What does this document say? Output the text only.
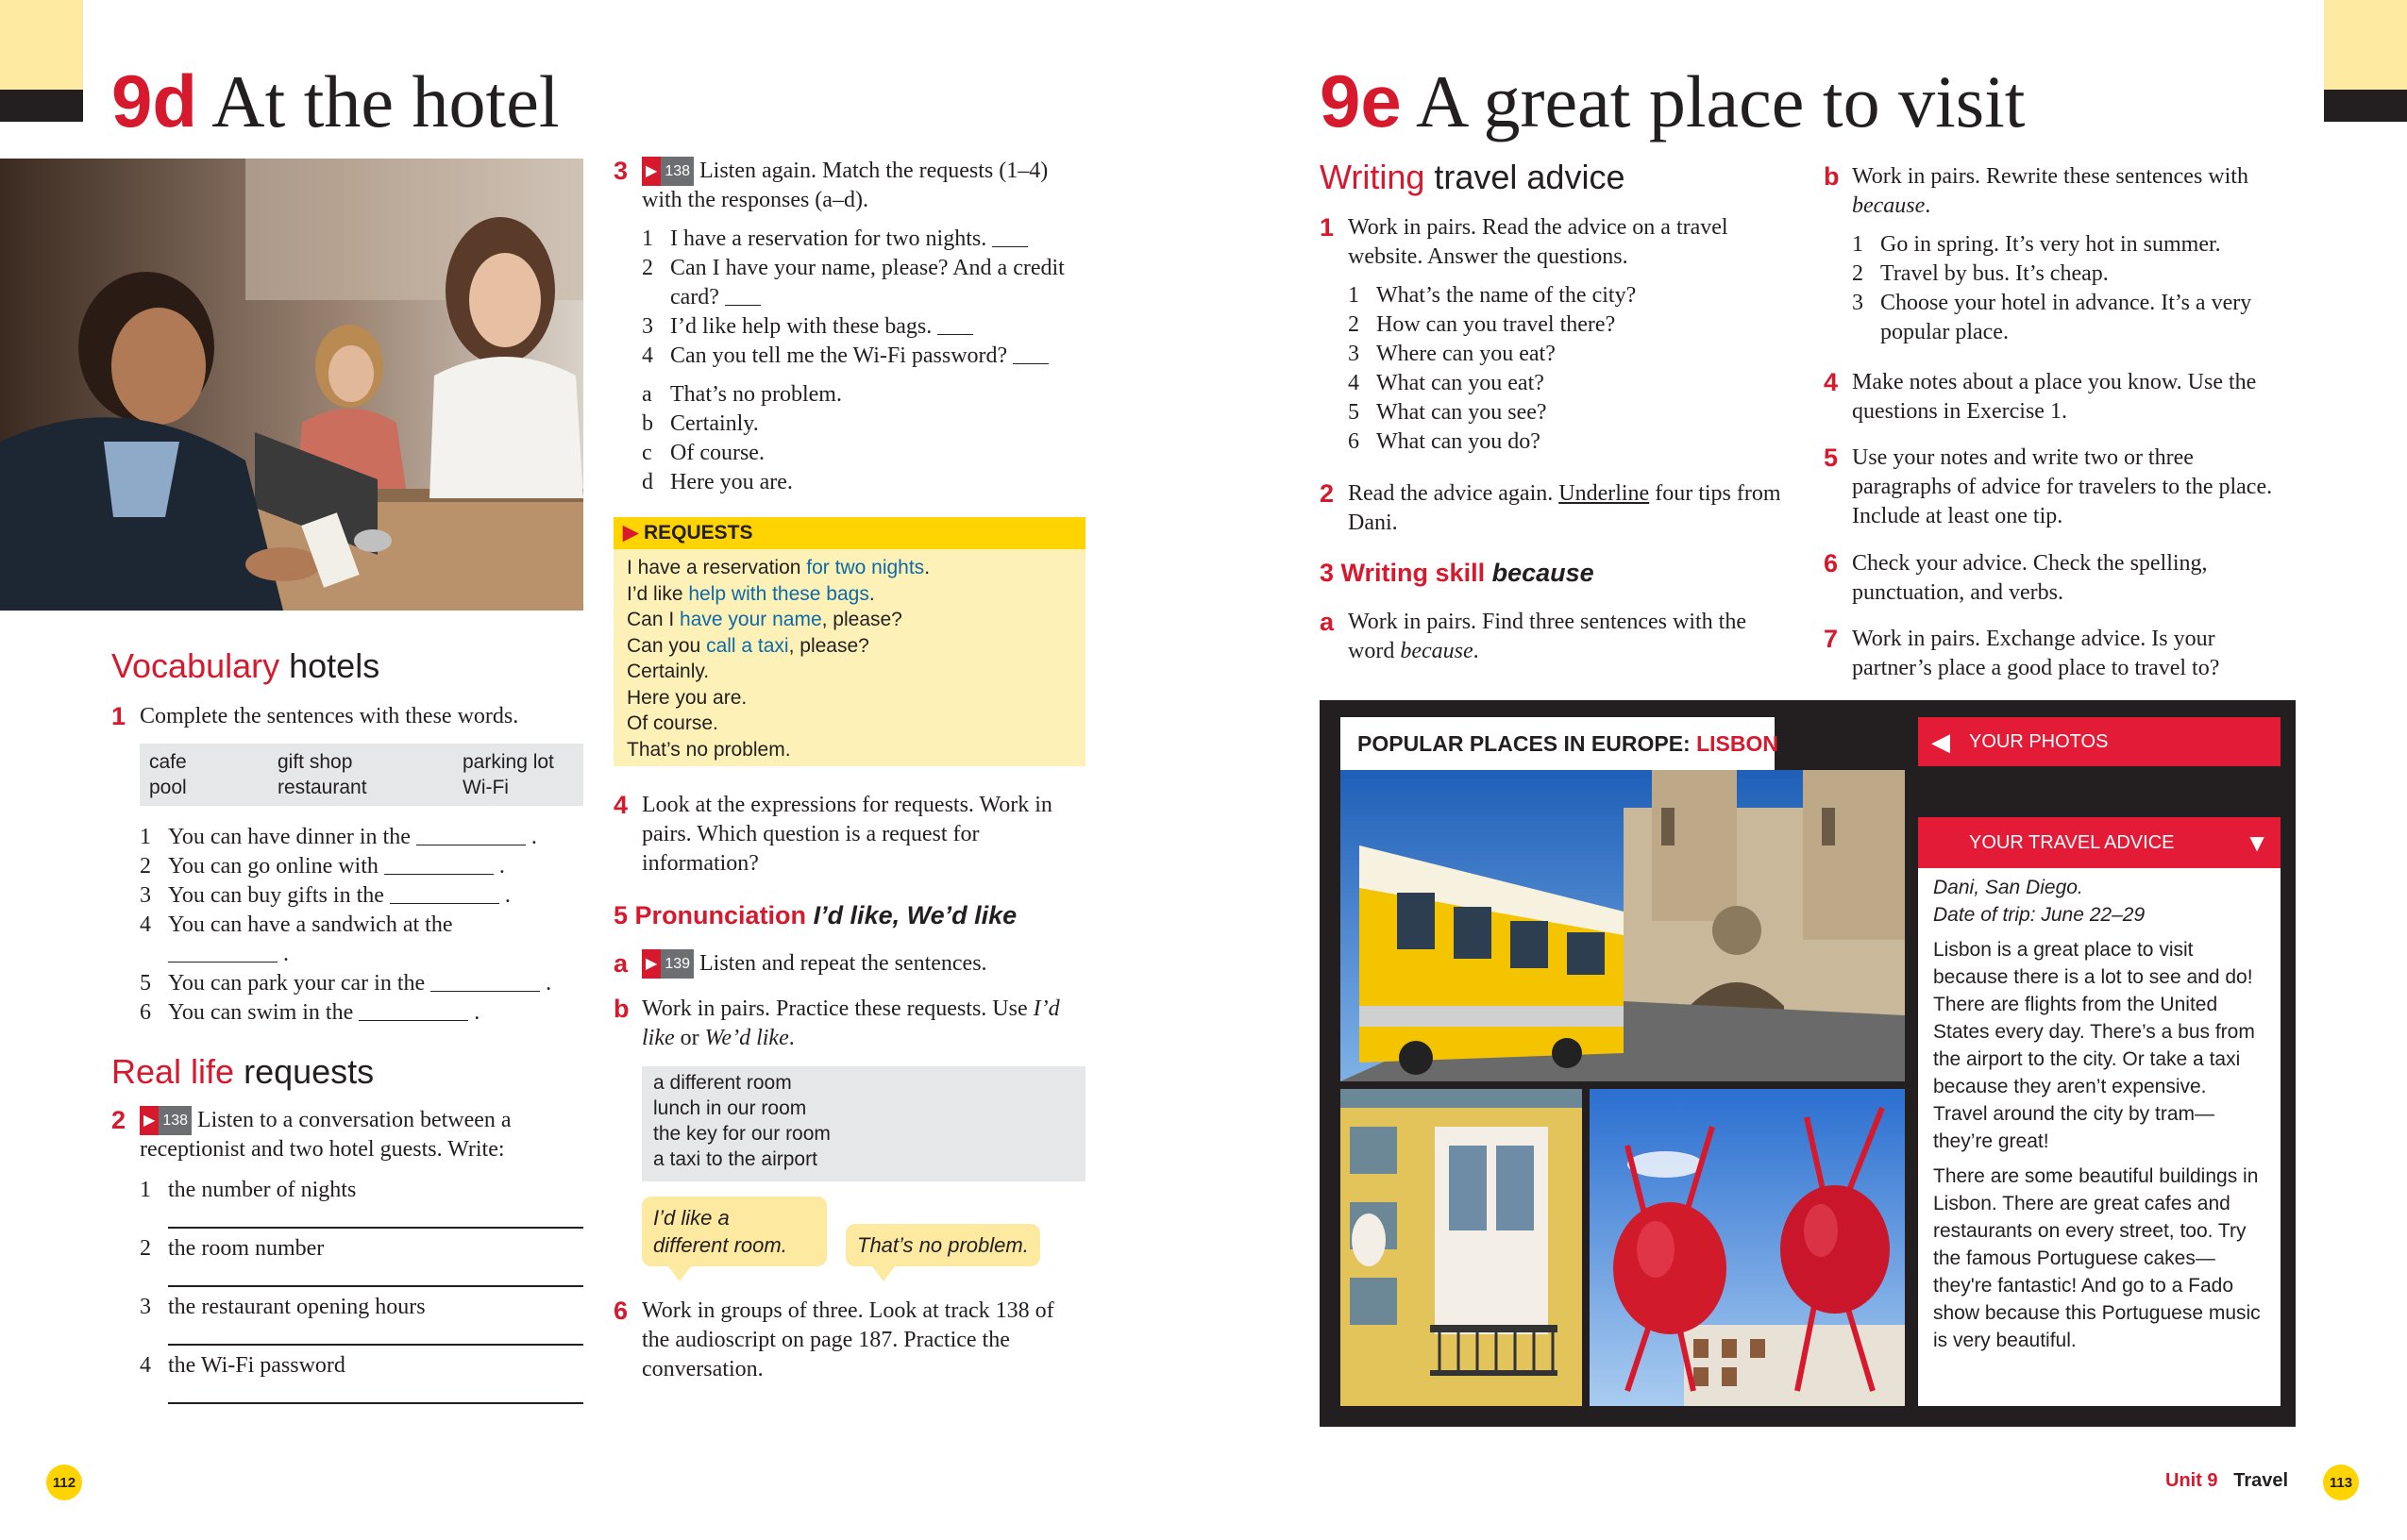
9d At the hotel
Vocabulary hotels
1 Complete the sentences with these words.
cafe	gift shop	parking lot
pool	restaurant	Wi-Fi
1 You can have dinner in the	.
2 You can go online with	.
3 You can buy gifts in the	.
4 You can have a sandwich at the
.
5 You can park your car in the	.
6 You can swim in the	.
Real life requests
2	▶ 138 Listen to a conversation between a receptionist and two hotel guests. Write:
1 the number of nights
2 the room number
3 the restaurant opening hours
4 the Wi-Fi password
3	▶ 138 Listen again. Match the requests (1–4) with the responses (a–d).
1 I have a reservation for two nights.
2 Can I have your name, please? And a credit card?
3 I’d like help with these bags.
4 Can you tell me the Wi-Fi password?
a That’s no problem.
b Certainly.
c Of course.
d Here you are.
▶ REQUESTS
I have a reservation for two nights.
I’d like help with these bags.
Can I have your name, please?
Can you call a taxi, please?
Certainly.
Here you are.
Of course.
That’s no problem.
4 Look at the expressions for requests. Work in pairs. Which question is a request for information?
5 Pronunciation I’d like, We’d like
a	▶ 139 Listen and repeat the sentences.
b Work in pairs. Practice these requests. Use I’d like or We’d like.
a different room
lunch in our room
the key for our room
a taxi to the airport
I’d like a
different room.	That’s no problem.
6 Work in groups of three. Look at track 138 of the audioscript on page 187. Practice the conversation.
112
9e A great place to visit
Writing travel advice
1 Work in pairs. Read the advice on a travel website. Answer the questions.
1 What’s the name of the city?
2 How can you travel there?
3 Where can you eat?
4 What can you eat?
5 What can you see?
6 What can you do?
2 Read the advice again. Underline four tips from Dani.
3 Writing skill because
a Work in pairs. Find three sentences with the word because.
b Work in pairs. Rewrite these sentences with because.
1 Go in spring. It’s very hot in summer.
2 Travel by bus. It’s cheap.
3 Choose your hotel in advance. It’s a very popular place.
4 Make notes about a place you know. Use the questions in Exercise 1.
5 Use your notes and write two or three paragraphs of advice for travelers to the place. Include at least one tip.
6 Check your advice. Check the spelling, punctuation, and verbs.
7 Work in pairs. Exchange advice. Is your partner’s place a good place to travel to?
POPULAR PLACES IN EUROPE: LISBON	◀ YOUR PHOTOS
YOUR TRAVEL ADVICE	▼
Dani, San Diego.
Date of trip: June 22–29
Lisbon is a great place to visit because there is a lot to see and do! There are flights from the United States every day. There’s a bus from the airport to the city. Or take a taxi because they aren’t expensive. Travel around the city by tram—they’re great!
There are some beautiful buildings in Lisbon. There are great cafes and restaurants on every street, too. Try the famous Portuguese cakes—they're fantastic! And go to a Fado show because this Portuguese music is very beautiful.
Unit 9 Travel	113
